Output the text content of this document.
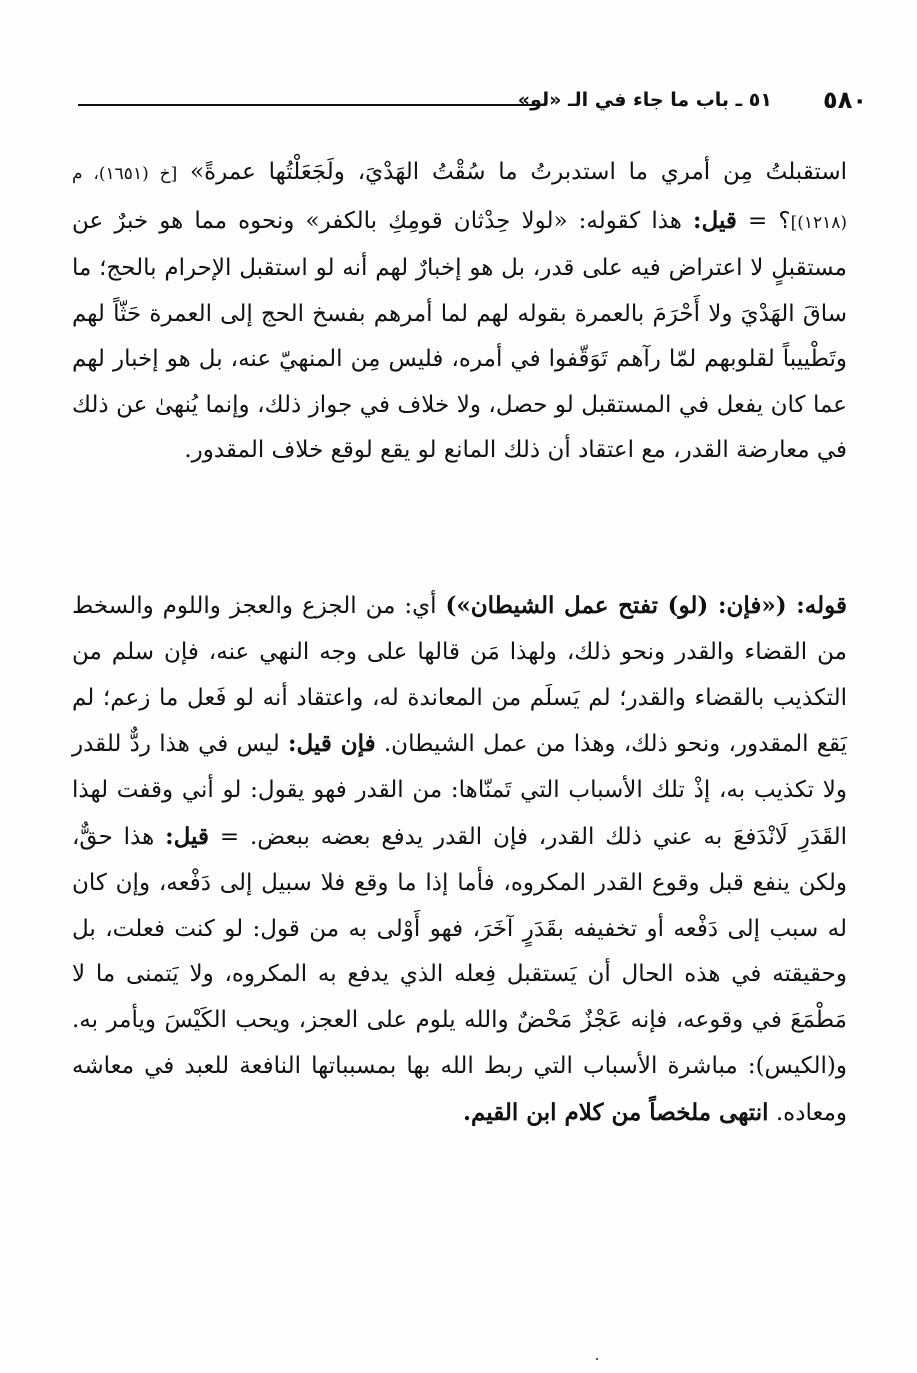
٥٨٠
٥١ ـ باب ما جاء في الـ «لو»
استقبلتُ مِن أمري ما استدبرتُ ما سُقْتُ الهَدْيَ، ولَجَعَلْتُها عمرةً» [خ (١٦٥١)، م (١٢١٨)]؟ = قيل: هذا كقوله: «لولا حِدْثان قومِكِ بالكفر» ونحوه مما هو خبرٌ عن مستقبلٍ لا اعتراض فيه على قدر، بل هو إخبارٌ لهم أنه لو استقبل الإحرام بالحج؛ ما ساقَ الهَدْيَ ولا أَحْرَمَ بالعمرة بقوله لهم لما أمرهم بفسخ الحج إلى العمرة حَثّاً لهم وتَطْييباً لقلوبهم لمّا رآهم تَوَقّفوا في أمره، فليس مِن المنهيّ عنه، بل هو إخبار لهم عما كان يفعل في المستقبل لو حصل، ولا خلاف في جواز ذلك، وإنما يُنهىٰ عن ذلك في معارضة القدر، مع اعتقاد أن ذلك المانع لو يقع لوقع خلاف المقدور.
قوله: («فإن: (لو) تفتح عمل الشيطان») أي: من الجزع والعجز واللوم والسخط من القضاء والقدر ونحو ذلك، ولهذا مَن قالها على وجه النهي عنه، فإن سلم من التكذيب بالقضاء والقدر؛ لم يَسلَم من المعاندة له، واعتقاد أنه لو فَعل ما زعم؛ لم يَقع المقدور، ونحو ذلك، وهذا من عمل الشيطان. فإن قيل: ليس في هذا ردٌّ للقدر ولا تكذيب به، إذْ تلك الأسباب التي تَمنّاها: من القدر فهو يقول: لو أني وقفت لهذا القَدَرِ لَانْدَفعَ به عني ذلك القدر، فإن القدر يدفع بعضه ببعض. = قيل: هذا حقٌّ، ولكن ينفع قبل وقوع القدر المكروه، فأما إذا ما وقع فلا سبيل إلى دَفْعه، وإن كان له سبب إلى دَفْعه أو تخفيفه بقَدَرٍ آخَرَ، فهو أَوْلى به من قول: لو كنت فعلت، بل وحقيقته في هذه الحال أن يَستقبل فِعله الذي يدفع به المكروه، ولا يَتمنى ما لا مَطْمَعَ في وقوعه، فإنه عَجْزٌ مَحْضٌ والله يلوم على العجز، ويحب الكَيْسَ ويأمر به. و(الكيس): مباشرة الأسباب التي ربط الله بها بمسبباتها النافعة للعبد في معاشه ومعاده. انتهى ملخصاً من كلام ابن القيم.
